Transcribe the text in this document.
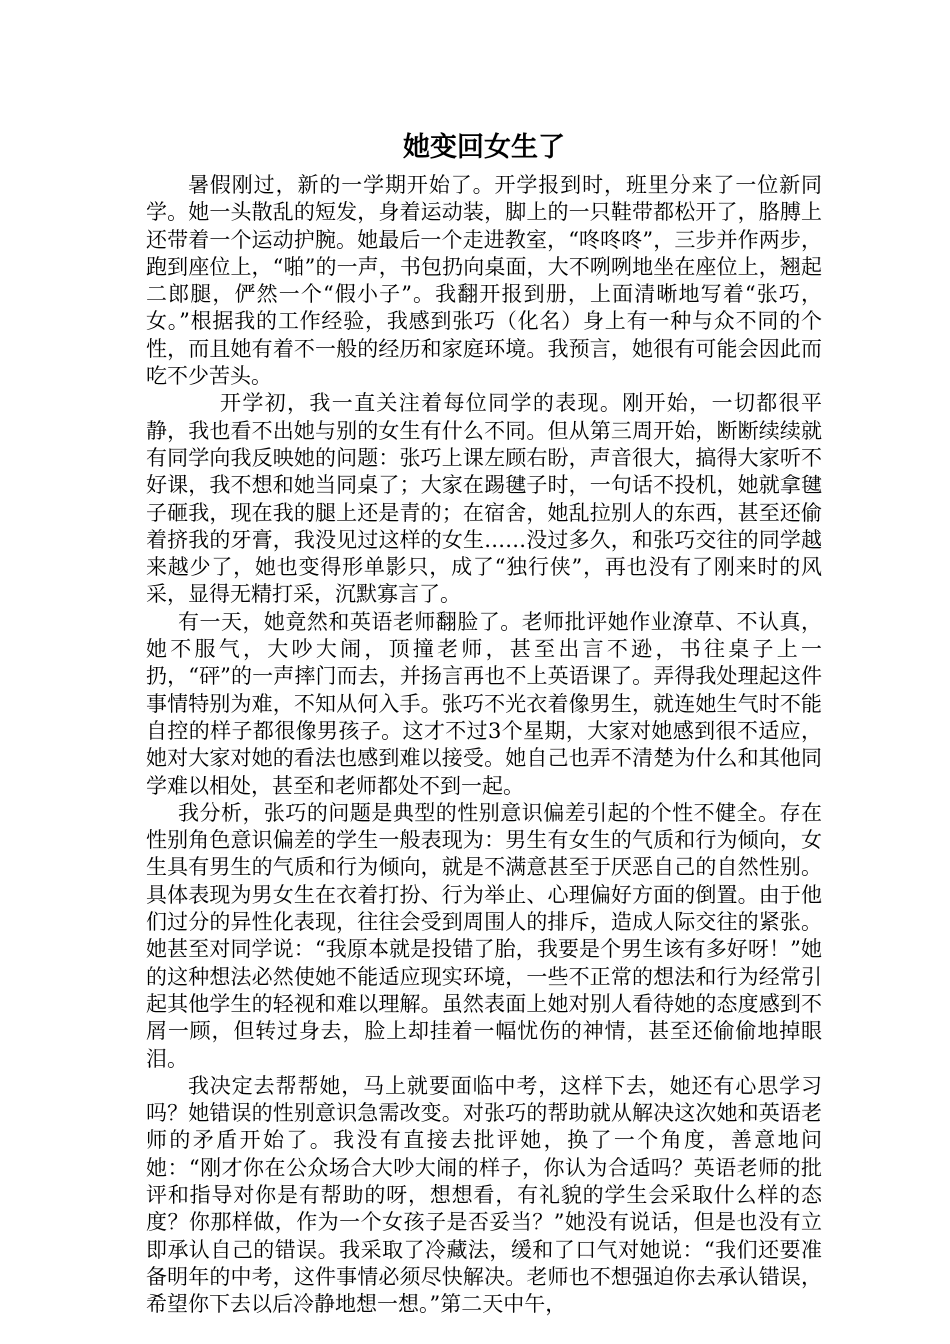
她变回女生了

暑假刚过，新的一学期开始了。开学报到时，班里分来了一位新同学。她一头散乱的短发，身着运动装，脚上的一只鞋带都松开了，胳膊上还带着一个运动护腕。她最后一个走进教室，“咚咚咚”，三步并作两步，跑到座位上，“啪”的一声，书包扔向桌面，大不咧咧地坐在座位上，翘起二郎腿，俨然一个“假小子”。我翻开报到册，上面清晰地写着“张巧，女。”根据我的工作经验，我感到张巧（化名）身上有一种与众不同的个性，而且她有着不一般的经历和家庭环境。我预言，她很有可能会因此而吃不少苦头。

开学初，我一直关注着每位同学的表现。刚开始，一切都很平静，我也看不出她与别的女生有什么不同。但从第三周开始，断断续续就有同学向我反映她的问题：张巧上课左顾右盼，声音很大，搞得大家听不好课，我不想和她当同桌了；大家在踢毽子时，一句话不投机，她就拿毽子砸我，现在我的腿上还是青的；在宿舍，她乱拉别人的东西，甚至还偷着挤我的牙膏，我没见过这样的女生……没过多久，和张巧交往的同学越来越少了，她也变得形单影只，成了“独行侠”，再也没有了刚来时的风采，显得无精打采，沉默寡言了。

有一天，她竟然和英语老师翻脸了。老师批评她作业潦草、不认真，她不服气，大吵大闹，顶撞老师，甚至出言不逊，书往桌子上一扔，“砰”的一声摔门而去，并扬言再也不上英语课了。弄得我处理起这件事情特别为难，不知从何入手。张巧不光衣着像男生，就连她生气时不能自控的样子都很像男孩子。这才不过3个星期，大家对她感到很不适应，她对大家对她的看法也感到难以接受。她自己也弄不清楚为什么和其他同学难以相处，甚至和老师都处不到一起。

我分析，张巧的问题是典型的性别意识偏差引起的个性不健全。存在性别角色意识偏差的学生一般表现为：男生有女生的气质和行为倾向，女生具有男生的气质和行为倾向，就是不满意甚至于厌恶自己的自然性别。具体表现为男女生在衣着打扮、行为举止、心理偏好方面的倒置。由于他们过分的异性化表现，往往会受到周围人的排斥，造成人际交往的紧张。她甚至对同学说：“我原本就是投错了胎，我要是个男生该有多好呀！”她的这种想法必然使她不能适应现实环境，一些不正常的想法和行为经常引起其他学生的轻视和难以理解。虽然表面上她对别人看待她的态度感到不屑一顾，但转过身去，脸上却挂着一幅忧伤的神情，甚至还偷偷地掉眼泪。

我决定去帮帮她，马上就要面临中考，这样下去，她还有心思学习吗？她错误的性别意识急需改变。对张巧的帮助就从解决这次她和英语老师的矛盾开始了。我没有直接去批评她，换了一个角度，善意地问她：“刚才你在公众场合大吵大闹的样子，你认为合适吗？英语老师的批评和指导对你是有帮助的呀，想想看，有礼貌的学生会采取什么样的态度？你那样做，作为一个女孩子是否妥当？”她没有说话，但是也没有立即承认自己的错误。我采取了冷藏法，缓和了口气对她说：“我们还要准备明年的中考，这件事情必须尽快解决。老师也不想强迫你去承认错误，希望你下去以后冷静地想一想。”第二天中午，
